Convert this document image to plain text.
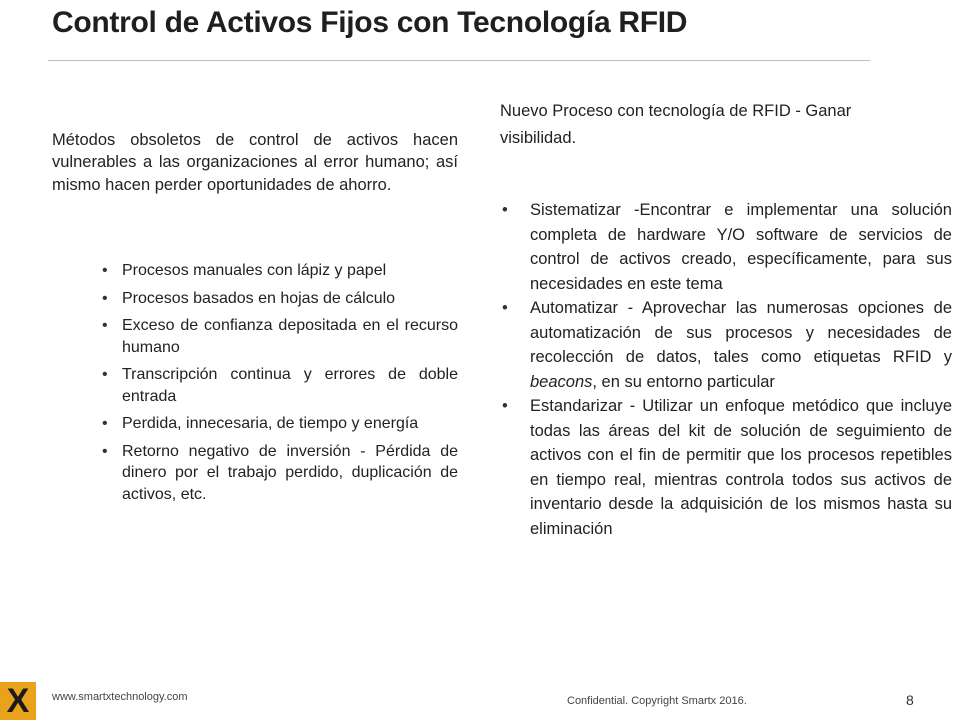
Control de Activos Fijos con Tecnología RFID

Métodos obsoletos de control de activos hacen vulnerables a las organizaciones al error humano; así mismo hacen perder oportunidades de ahorro.

• Procesos manuales con lápiz y papel
• Procesos basados en hojas de cálculo
• Exceso de confianza depositada en el recurso humano
• Transcripción continua y errores de doble entrada
• Perdida, innecesaria, de tiempo y energía
• Retorno negativo de inversión - Pérdida de dinero por el trabajo perdido, duplicación de activos, etc.
Nuevo Proceso con tecnología de RFID - Ganar visibilidad.
• Sistematizar -Encontrar e implementar una solución completa de hardware Y/O software de servicios de control de activos creado, específicamente, para sus necesidades en este tema
• Automatizar - Aprovechar las numerosas opciones de automatización de sus procesos y necesidades de recolección de datos, tales como etiquetas RFID y beacons, en su entorno particular
• Estandarizar - Utilizar un enfoque metódico que incluye todas las áreas del kit de solución de seguimiento de activos con el fin de permitir que los procesos repetibles en tiempo real, mientras controla todos sus activos de inventario desde la adquisición de los mismos hasta su eliminación
X www.smartxtechnology.com	Confidential. Copyright Smartx 2016.	8
